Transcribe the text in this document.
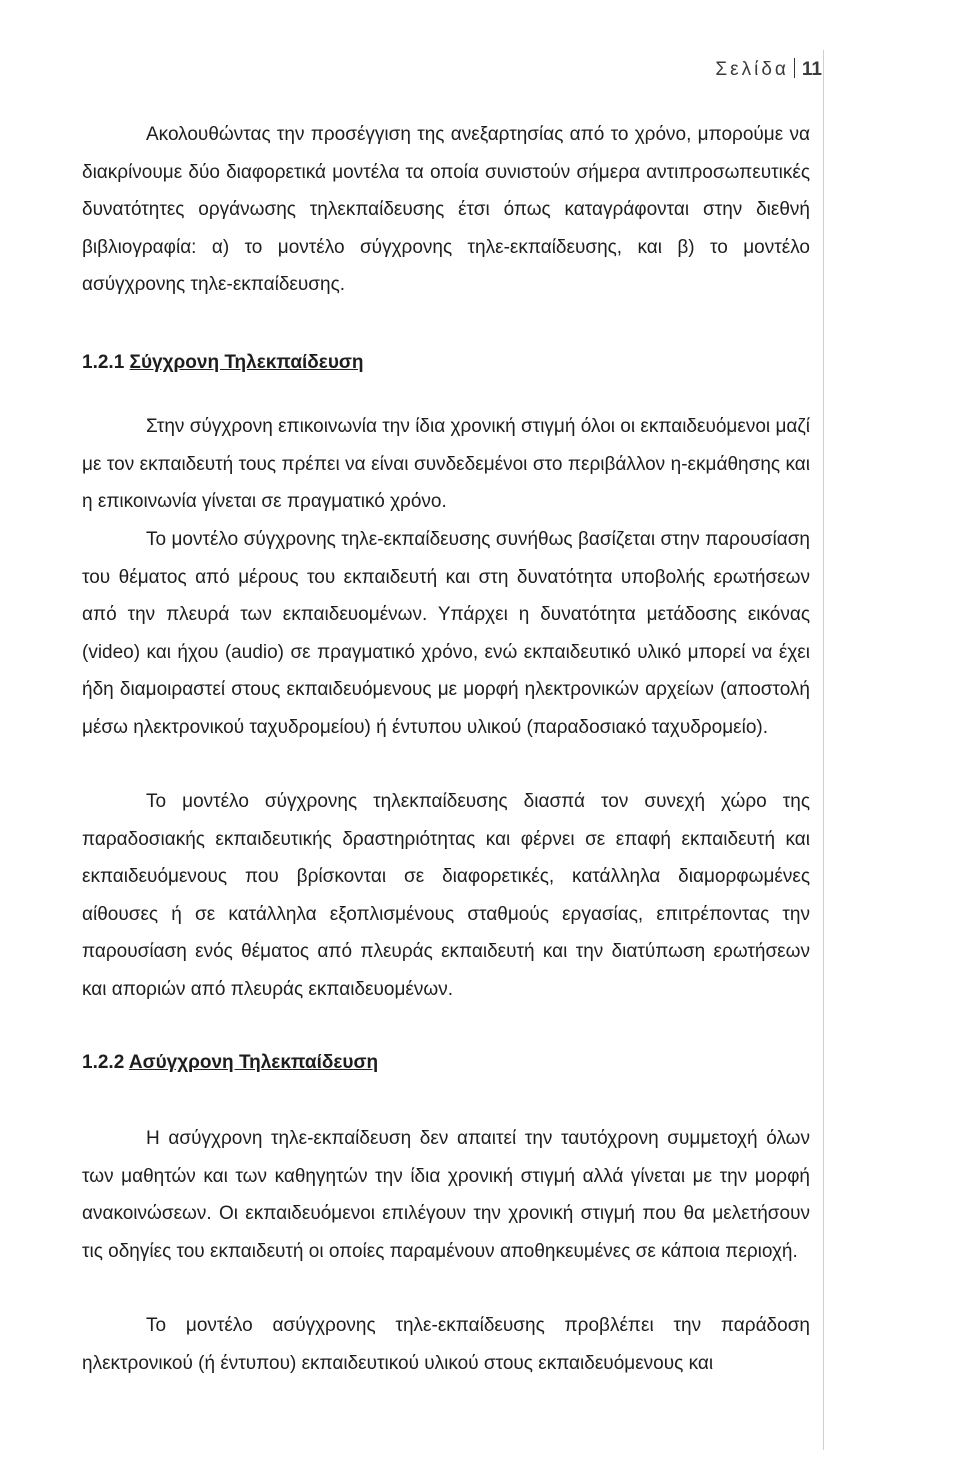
Σελίδα 11

Ακολουθώντας την προσέγγιση της ανεξαρτησίας από το χρόνο, μπορούμε να διακρίνουμε δύο διαφορετικά μοντέλα τα οποία συνιστούν σήμερα αντιπροσωπευτικές δυνατότητες οργάνωσης τηλεκπαίδευσης έτσι όπως καταγράφονται στην διεθνή βιβλιογραφία: α) το μοντέλο σύγχρονης τηλε-εκπαίδευσης, και β) το μοντέλο ασύγχρονης τηλε-εκπαίδευσης.

1.2.1 Σύγχρονη Τηλεκπαίδευση

Στην σύγχρονη επικοινωνία την ίδια χρονική στιγμή όλοι οι εκπαιδευόμενοι μαζί με τον εκπαιδευτή τους πρέπει να είναι συνδεδεμένοι στο περιβάλλον η-εκμάθησης και η επικοινωνία γίνεται σε πραγματικό χρόνο.

Το μοντέλο σύγχρονης τηλε-εκπαίδευσης συνήθως βασίζεται στην παρουσίαση του θέματος από μέρους του εκπαιδευτή και στη δυνατότητα υποβολής ερωτήσεων από την πλευρά των εκπαιδευομένων. Υπάρχει η δυνατότητα μετάδοσης εικόνας (video) και ήχου (audio) σε πραγματικό χρόνο, ενώ εκπαιδευτικό υλικό μπορεί να έχει ήδη διαμοιραστεί στους εκπαιδευόμενους με μορφή ηλεκτρονικών αρχείων (αποστολή μέσω ηλεκτρονικού ταχυδρομείου) ή έντυπου υλικού (παραδοσιακό ταχυδρομείο).

Το μοντέλο σύγχρονης τηλεκπαίδευσης διασπά τον συνεχή χώρο της παραδοσιακής εκπαιδευτικής δραστηριότητας και φέρνει σε επαφή εκπαιδευτή και εκπαιδευόμενους που βρίσκονται σε διαφορετικές, κατάλληλα διαμορφωμένες αίθουσες ή σε κατάλληλα εξοπλισμένους σταθμούς εργασίας, επιτρέποντας την παρουσίαση ενός θέματος από πλευράς εκπαιδευτή και την διατύπωση ερωτήσεων και αποριών από πλευράς εκπαιδευομένων.

1.2.2 Ασύγχρονη Τηλεκπαίδευση

Η ασύγχρονη τηλε-εκπαίδευση δεν απαιτεί την ταυτόχρονη συμμετοχή όλων των μαθητών και των καθηγητών την ίδια χρονική στιγμή αλλά γίνεται με την μορφή ανακοινώσεων. Οι εκπαιδευόμενοι επιλέγουν την χρονική στιγμή που θα μελετήσουν τις οδηγίες του εκπαιδευτή οι οποίες παραμένουν αποθηκευμένες σε κάποια περιοχή.

Το μοντέλο ασύγχρονης τηλε-εκπαίδευσης προβλέπει την παράδοση ηλεκτρονικού (ή έντυπου) εκπαιδευτικού υλικού στους εκπαιδευόμενους και
